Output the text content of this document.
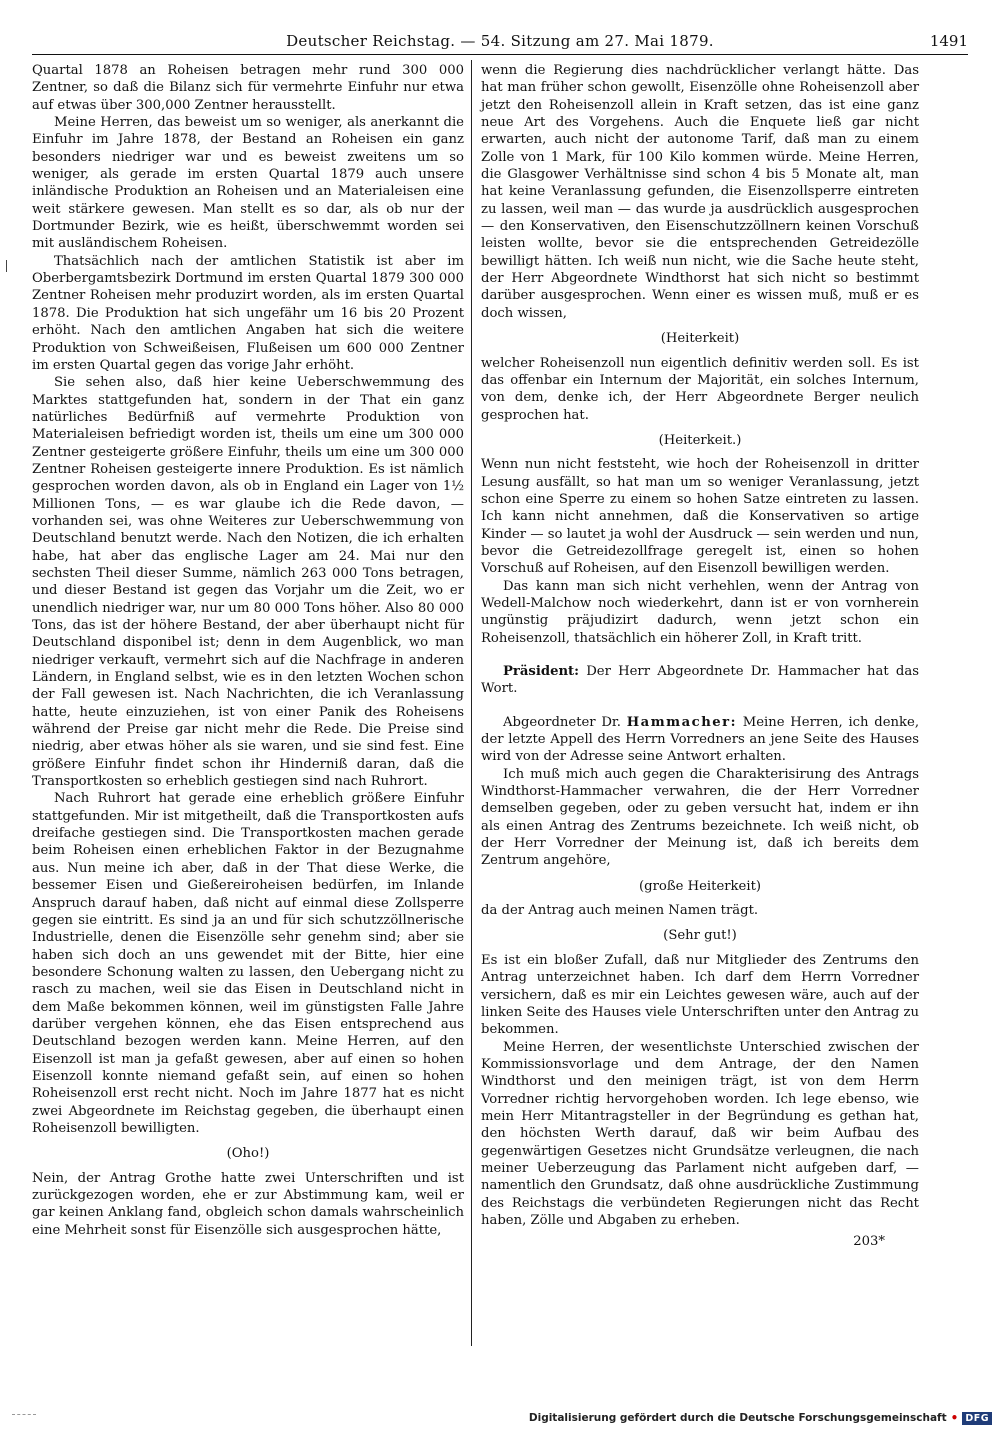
Deutscher Reichstag. — 54. Sitzung am 27. Mai 1879.	1491

Quartal 1878 an Roheisen betragen mehr rund 300 000 Zentner, so daß die Bilanz sich für vermehrte Einfuhr nur etwa auf etwas über 300,000 Zentner herausstellt.

Meine Herren, das beweist um so weniger, als anerkannt die Einfuhr im Jahre 1878, der Bestand an Roheisen ein ganz besonders niedriger war und es beweist zweitens um so weniger, als gerade im ersten Quartal 1879 auch unsere inländische Produktion an Roheisen und an Materialeisen eine weit stärkere gewesen. Man stellt es so dar, als ob nur der Dortmunder Bezirk, wie es heißt, überschwemmt worden sei mit ausländischem Roheisen.

Thatsächlich nach der amtlichen Statistik ist aber im Oberbergamtsbezirk Dortmund im ersten Quartal 1879 300 000 Zentner Roheisen mehr produzirt worden, als im ersten Quartal 1878. Die Produktion hat sich ungefähr um 16 bis 20 Prozent erhöht. Nach den amtlichen Angaben hat sich die weitere Produktion von Schweißeisen, Flußeisen um 600 000 Zentner im ersten Quartal gegen das vorige Jahr erhöht.

Sie sehen also, daß hier keine Ueberschwemmung des Marktes stattgefunden hat, sondern in der That ein ganz natürliches Bedürfniß auf vermehrte Produktion von Materialeisen befriedigt worden ist, theils um eine um 300 000 Zentner gesteigerte größere Einfuhr, theils um eine um 300 000 Zentner Roheisen gesteigerte innere Produktion. Es ist nämlich gesprochen worden davon, als ob in England ein Lager von 1½ Millionen Tons, — es war glaube ich die Rede davon, — vorhanden sei, was ohne Weiteres zur Ueberschwemmung von Deutschland benutzt werde. Nach den Notizen, die ich erhalten habe, hat aber das englische Lager am 24. Mai nur den sechsten Theil dieser Summe, nämlich 263 000 Tons betragen, und dieser Bestand ist gegen das Vorjahr um die Zeit, wo er unendlich niedriger war, nur um 80 000 Tons höher. Also 80 000 Tons, das ist der höhere Bestand, der aber überhaupt nicht für Deutschland disponibel ist; denn in dem Augenblick, wo man niedriger verkauft, vermehrt sich auf die Nachfrage in anderen Ländern, in England selbst, wie es in den letzten Wochen schon der Fall gewesen ist. Nach Nachrichten, die ich Veranlassung hatte, heute einzuziehen, ist von einer Panik des Roheisens während der Preise gar nicht mehr die Rede. Die Preise sind niedrig, aber etwas höher als sie waren, und sie sind fest. Eine größere Einfuhr findet schon ihr Hinderniß daran, daß die Transportkosten so erheblich gestiegen sind nach Ruhrort.

Nach Ruhrort hat gerade eine erheblich größere Einfuhr stattgefunden. Mir ist mitgetheilt, daß die Transportkosten aufs dreifache gestiegen sind. Die Transportkosten machen gerade beim Roheisen einen erheblichen Faktor in der Bezugnahme aus. Nun meine ich aber, daß in der That diese Werke, die bessemer Eisen und Gießereiroheisen bedürfen, im Inlande Anspruch darauf haben, daß nicht auf einmal diese Zollsperre gegen sie eintritt. Es sind ja an und für sich schutzzöllnerische Industrielle, denen die Eisenzölle sehr genehm sind; aber sie haben sich doch an uns gewendet mit der Bitte, hier eine besondere Schonung walten zu lassen, den Uebergang nicht zu rasch zu machen, weil sie das Eisen in Deutschland nicht in dem Maße bekommen können, weil im günstigsten Falle Jahre darüber vergehen können, ehe das Eisen entsprechend aus Deutschland bezogen werden kann. Meine Herren, auf den Eisenzoll ist man ja gefaßt gewesen, aber auf einen so hohen Eisenzoll konnte niemand gefaßt sein, auf einen so hohen Roheisenzoll erst recht nicht. Noch im Jahre 1877 hat es nicht zwei Abgeordnete im Reichstag gegeben, die überhaupt einen Roheisenzoll bewilligten.

(Oho!)

Nein, der Antrag Grothe hatte zwei Unterschriften und ist zurückgezogen worden, ehe er zur Abstimmung kam, weil er gar keinen Anklang fand, obgleich schon damals wahrscheinlich eine Mehrheit sonst für Eisenzölle sich ausgesprochen hätte,

wenn die Regierung dies nachdrücklicher verlangt hätte. Das hat man früher schon gewollt, Eisenzölle ohne Roheisenzoll aber jetzt den Roheisenzoll allein in Kraft setzen, das ist eine ganz neue Art des Vorgehens. Auch die Enquete ließ gar nicht erwarten, auch nicht der autonome Tarif, daß man zu einem Zolle von 1 Mark, für 100 Kilo kommen würde. Meine Herren, die Glasgower Verhältnisse sind schon 4 bis 5 Monate alt, man hat keine Veranlassung gefunden, die Eisenzollsperre eintreten zu lassen, weil man — das wurde ja ausdrücklich ausgesprochen — den Konservativen, den Eisenschutzzöllnern keinen Vorschuß leisten wollte, bevor sie die entsprechenden Getreidezölle bewilligt hätten. Ich weiß nun nicht, wie die Sache heute steht, der Herr Abgeordnete Windthorst hat sich nicht so bestimmt darüber ausgesprochen. Wenn einer es wissen muß, muß er es doch wissen,

(Heiterkeit)

welcher Roheisenzoll nun eigentlich definitiv werden soll. Es ist das offenbar ein Internum der Majorität, ein solches Internum, von dem, denke ich, der Herr Abgeordnete Berger neulich gesprochen hat.

(Heiterkeit.)

Wenn nun nicht feststeht, wie hoch der Roheisenzoll in dritter Lesung ausfällt, so hat man um so weniger Veranlassung, jetzt schon eine Sperre zu einem so hohen Satze eintreten zu lassen. Ich kann nicht annehmen, daß die Konservativen so artige Kinder — so lautet ja wohl der Ausdruck — sein werden und nun, bevor die Getreidezollfrage geregelt ist, einen so hohen Vorschuß auf Roheisen, auf den Eisenzoll bewilligen werden.

Das kann man sich nicht verhehlen, wenn der Antrag von Wedell-Malchow noch wiederkehrt, dann ist er von vornherein ungünstig präjudizirt dadurch, wenn jetzt schon ein Roheisenzoll, thatsächlich ein höherer Zoll, in Kraft tritt.

Präsident: Der Herr Abgeordnete Dr. Hammacher hat das Wort.

Abgeordneter Dr. Hammacher: Meine Herren, ich denke, der letzte Appell des Herrn Vorredners an jene Seite des Hauses wird von der Adresse seine Antwort erhalten.

Ich muß mich auch gegen die Charakterisirung des Antrags Windthorst-Hammacher verwahren, die der Herr Vorredner demselben gegeben, oder zu geben versucht hat, indem er ihn als einen Antrag des Zentrums bezeichnete. Ich weiß nicht, ob der Herr Vorredner der Meinung ist, daß ich bereits dem Zentrum angehöre,

(große Heiterkeit)

da der Antrag auch meinen Namen trägt.

(Sehr gut!)

Es ist ein bloßer Zufall, daß nur Mitglieder des Zentrums den Antrag unterzeichnet haben. Ich darf dem Herrn Vorredner versichern, daß es mir ein Leichtes gewesen wäre, auch auf der linken Seite des Hauses viele Unterschriften unter den Antrag zu bekommen.

Meine Herren, der wesentlichste Unterschied zwischen der Kommissionsvorlage und dem Antrage, der den Namen Windthorst und den meinigen trägt, ist von dem Herrn Vorredner richtig hervorgehoben worden. Ich lege ebenso, wie mein Herr Mitantragsteller in der Begründung es gethan hat, den höchsten Werth darauf, daß wir beim Aufbau des gegenwärtigen Gesetzes nicht Grundsätze verleugnen, die nach meiner Ueberzeugung das Parlament nicht aufgeben darf, — namentlich den Grundsatz, daß ohne ausdrückliche Zustimmung des Reichstags die verbündeten Regierungen nicht das Recht haben, Zölle und Abgaben zu erheben.

203*
Digitalisierung gefördert durch die Deutsche Forschungsgemeinschaft • DFG
